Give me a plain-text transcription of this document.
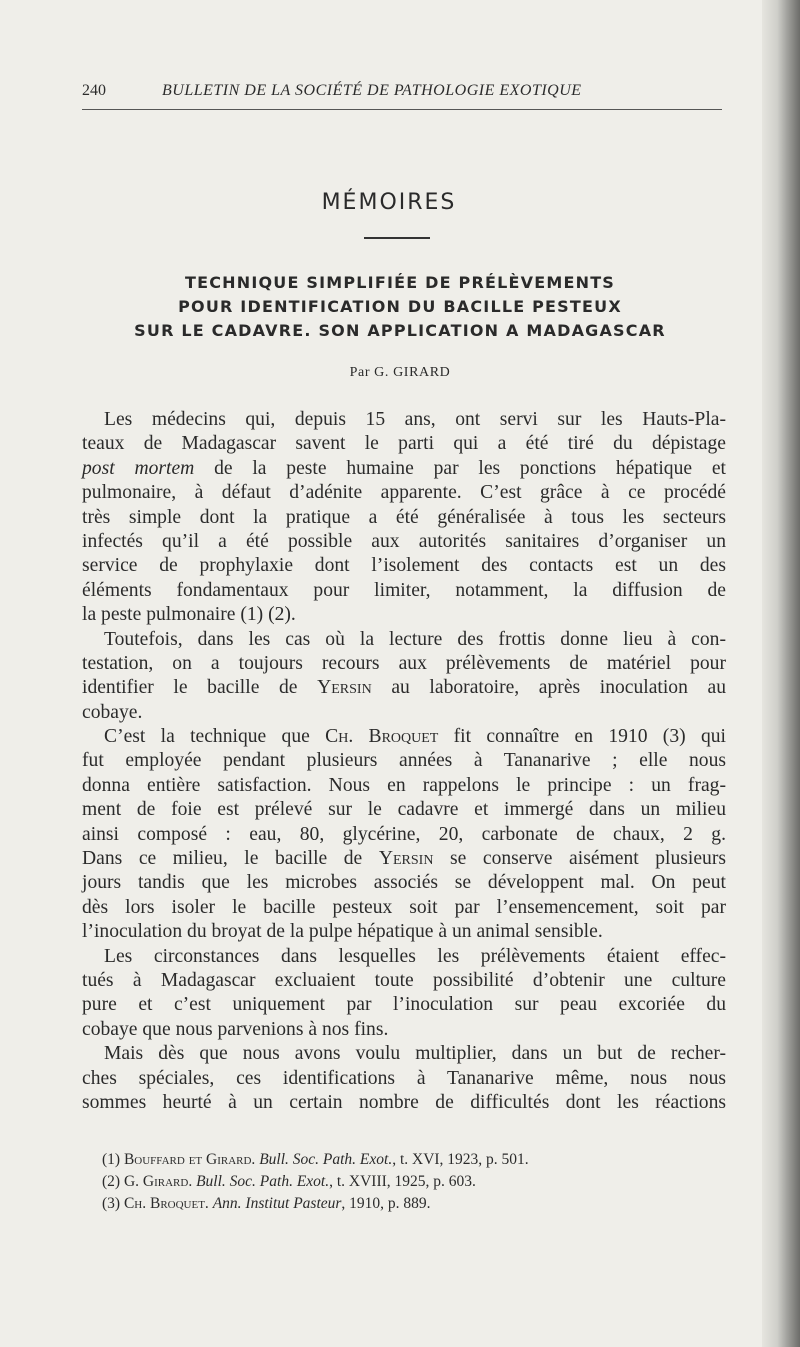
240	BULLETIN DE LA SOCIÉTÉ DE PATHOLOGIE EXOTIQUE
MÉMOIRES
TECHNIQUE SIMPLIFIÉE DE PRÉLÈVEMENTS
POUR IDENTIFICATION DU BACILLE PESTEUX
SUR LE CADAVRE. SON APPLICATION A MADAGASCAR
Par G. GIRARD
Les médecins qui, depuis 15 ans, ont servi sur les Hauts-Pla-
teaux de Madagascar savent le parti qui a été tiré du dépistage
post mortem de la peste humaine par les ponctions hépatique et
pulmonaire, à défaut d’adénite apparente. C’est grâce à ce procédé
très simple dont la pratique a été généralisée à tous les secteurs
infectés qu’il a été possible aux autorités sanitaires d’organiser un
service de prophylaxie dont l’isolement des contacts est un des
éléments fondamentaux pour limiter, notamment, la diffusion de
la peste pulmonaire (1) (2).
Toutefois, dans les cas où la lecture des frottis donne lieu à con-
testation, on a toujours recours aux prélèvements de matériel pour
identifier le bacille de Yersin au laboratoire, après inoculation au
cobaye.
C’est la technique que Ch. Broquet fit connaître en 1910 (3) qui
fut employée pendant plusieurs années à Tananarive ; elle nous
donna entière satisfaction. Nous en rappelons le principe : un frag-
ment de foie est prélevé sur le cadavre et immergé dans un milieu
ainsi composé : eau, 80, glycérine, 20, carbonate de chaux, 2 g.
Dans ce milieu, le bacille de Yersin se conserve aisément plusieurs
jours tandis que les microbes associés se développent mal. On peut
dès lors isoler le bacille pesteux soit par l’ensemencement, soit par
l’inoculation du broyat de la pulpe hépatique à un animal sensible.
Les circonstances dans lesquelles les prélèvements étaient effec-
tués à Madagascar excluaient toute possibilité d’obtenir une culture
pure et c’est uniquement par l’inoculation sur peau excoriée du
cobaye que nous parvenions à nos fins.
Mais dès que nous avons voulu multiplier, dans un but de recher-
ches spéciales, ces identifications à Tananarive même, nous nous
sommes heurté à un certain nombre de difficultés dont les réactions
(1) Bouffard et Girard. Bull. Soc. Path. Exot., t. XVI, 1923, p. 501.
(2) G. Girard. Bull. Soc. Path. Exot., t. XVIII, 1925, p. 603.
(3) Ch. Broquet. Ann. Institut Pasteur, 1910, p. 889.
